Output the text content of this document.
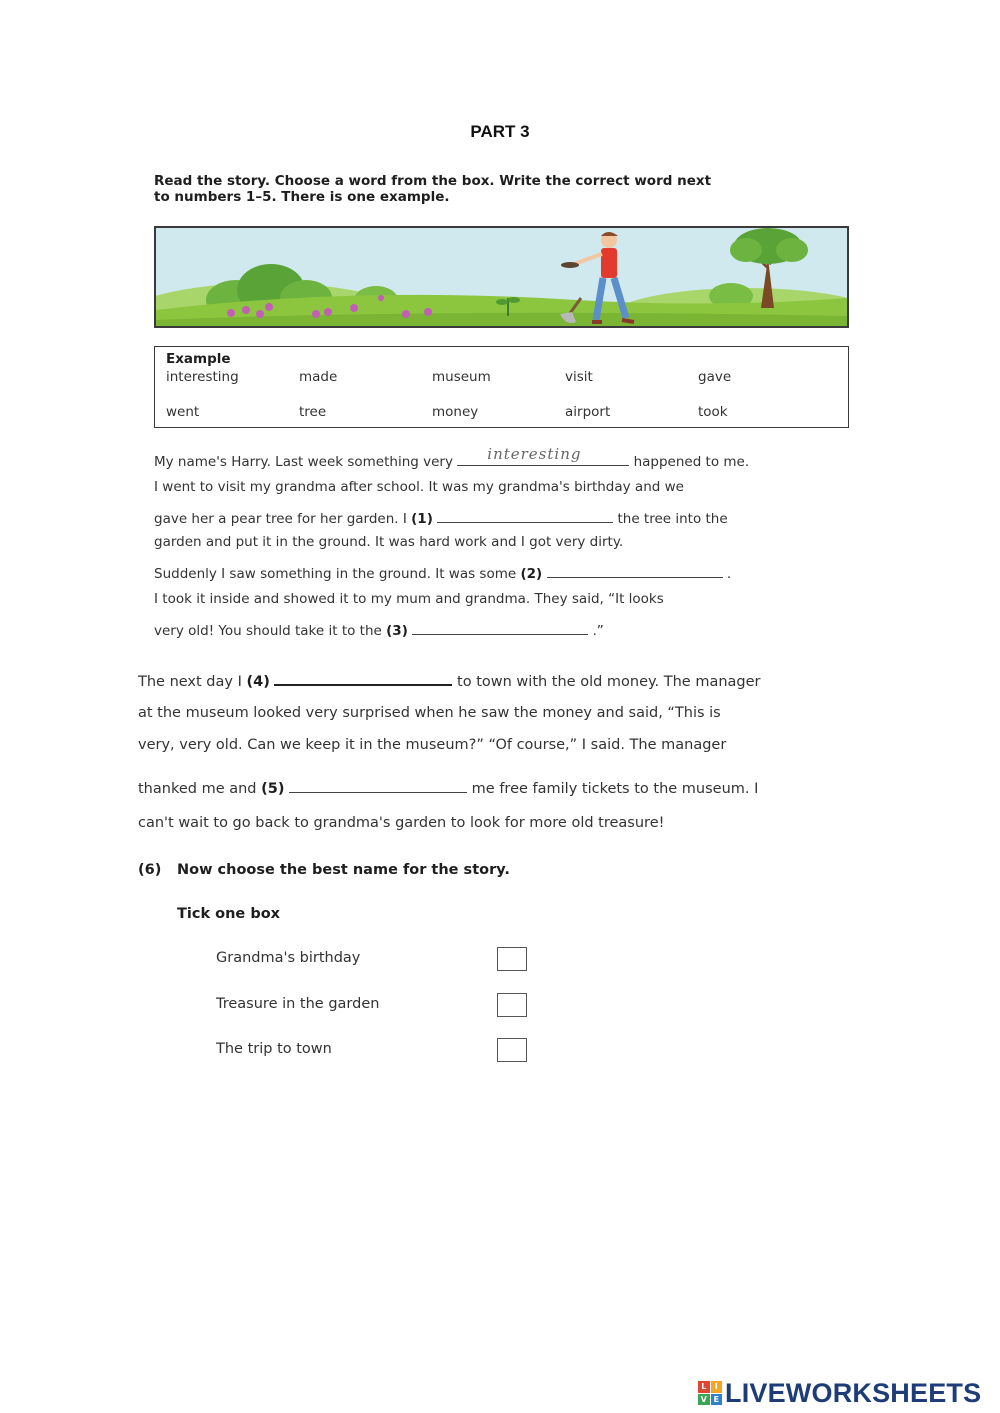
PART 3
Read the story. Choose a word from the box. Write the correct word next
to numbers 1–5. There is one example.
Example
interesting	made	museum	visit	gave
went	tree	money	airport	took
My name's Harry. Last week something very interesting	happened to me.
I went to visit my grandma after school. It was my grandma's birthday and we
gave her a pear tree for her garden. I (1)	the tree into the
garden and put it in the ground. It was hard work and I got very dirty.
Suddenly I saw something in the ground. It was some (2)	.
I took it inside and showed it to my mum and grandma. They said, “It looks
very old! You should take it to the (3)	.”
The next day I (4)	to town with the old money. The manager
at the museum looked very surprised when he saw the money and said, “This is
very, very old. Can we keep it in the museum?” “Of course,” I said. The manager
thanked me and (5)	me free family tickets to the museum. I
can't wait to go back to grandma's garden to look for more old treasure!
(6) Now choose the best name for the story.
Tick one box
Grandma's birthday
Treasure in the garden
The trip to town
L	I
V E LIVEWORKSHEETS
